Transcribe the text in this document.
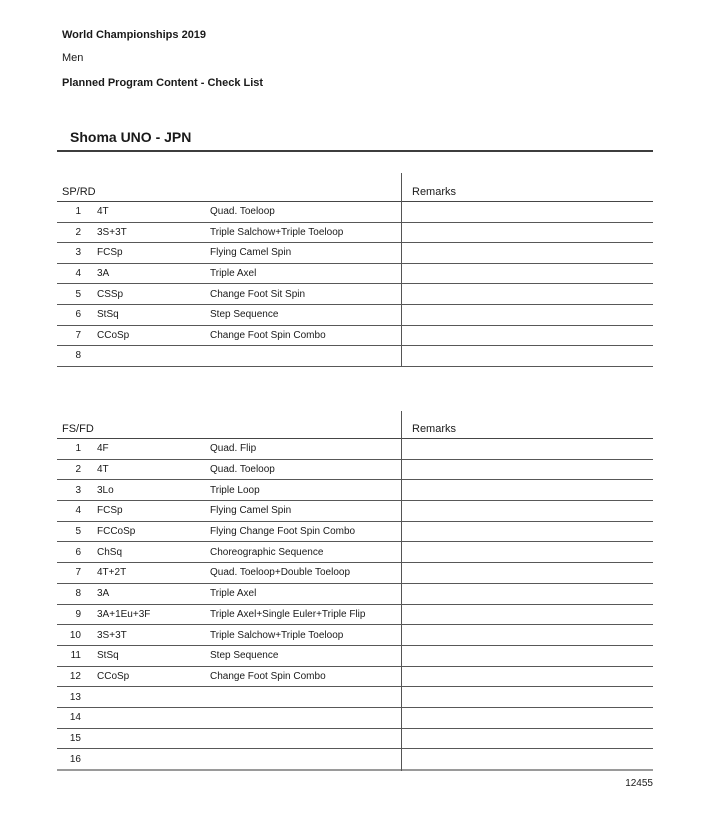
World Championships 2019
Men
Planned Program Content - Check List
Shoma UNO - JPN
SP/RD	Remarks
1 4T	Quad. Toeloop
2 3S+3T	Triple Salchow+Triple Toeloop
3 FCSp	Flying Camel Spin
4 3A	Triple Axel
5 CSSp	Change Foot Sit Spin
6 StSq	Step Sequence
7 CCoSp	Change Foot Spin Combo
8
FS/FD	Remarks
1 4F	Quad. Flip
2 4T	Quad. Toeloop
3 3Lo	Triple Loop
4 FCSp	Flying Camel Spin
5 FCCoSp	Flying Change Foot Spin Combo
6 ChSq	Choreographic Sequence
7 4T+2T	Quad. Toeloop+Double Toeloop
8 3A	Triple Axel
9 3A+1Eu+3F	Triple Axel+Single Euler+Triple Flip
10 3S+3T	Triple Salchow+Triple Toeloop
11 StSq	Step Sequence
12 CCoSp	Change Foot Spin Combo
13
14
15
16
12455
